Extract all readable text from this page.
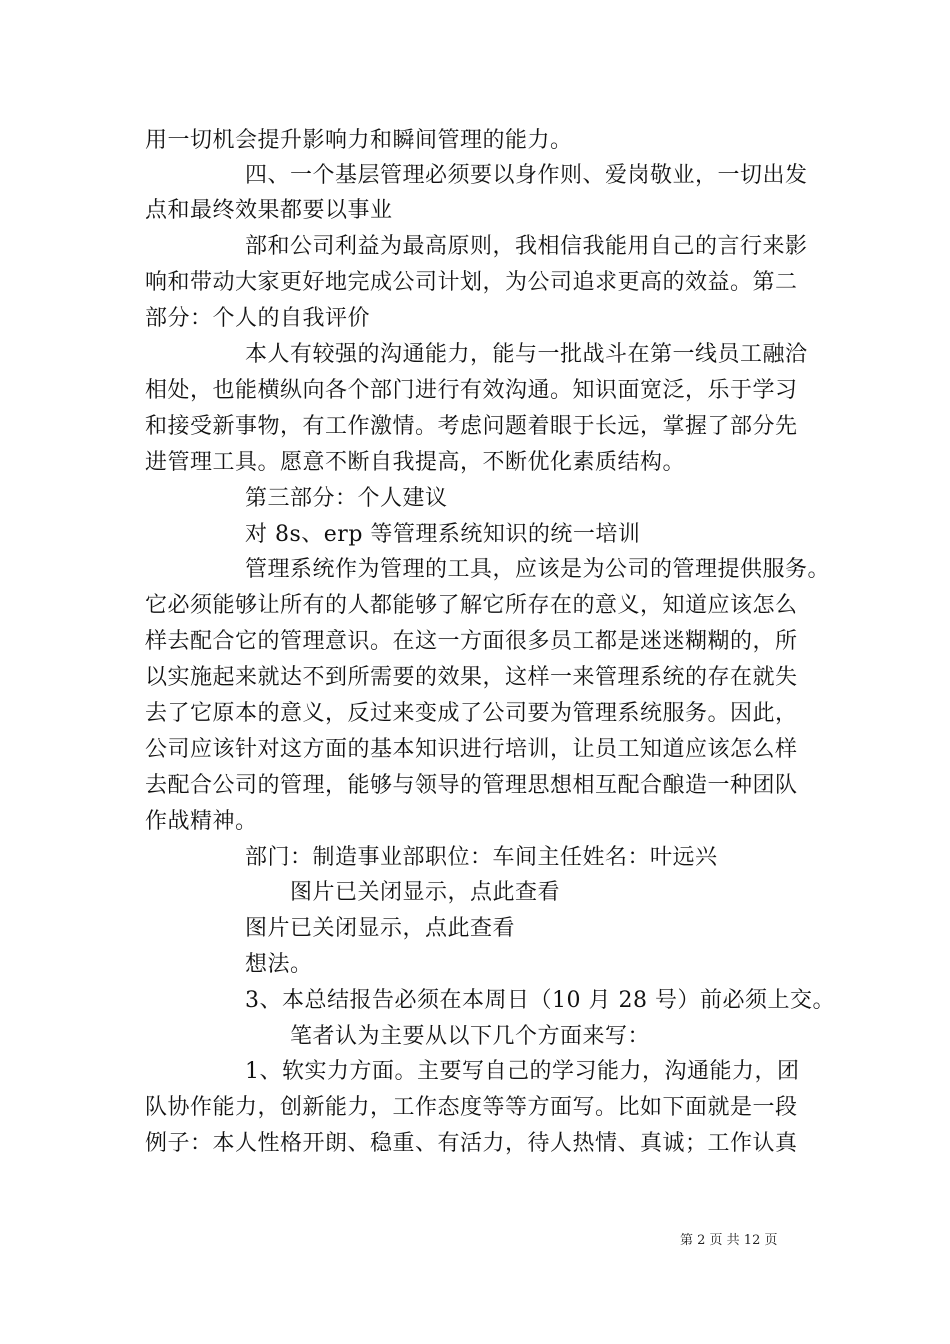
用一切机会提升影响力和瞬间管理的能力。
四、一个基层管理必须要以身作则、爱岗敬业，一切出发
点和最终效果都要以事业
部和公司利益为最高原则，我相信我能用自己的言行来影
响和带动大家更好地完成公司计划，为公司追求更高的效益。第二
部分：个人的自我评价
本人有较强的沟通能力，能与一批战斗在第一线员工融洽
相处，也能横纵向各个部门进行有效沟通。知识面宽泛，乐于学习
和接受新事物，有工作激情。考虑问题着眼于长远，掌握了部分先
进管理工具。愿意不断自我提高，不断优化素质结构。
第三部分：个人建议
对 8s、erp 等管理系统知识的统一培训
管理系统作为管理的工具，应该是为公司的管理提供服务。
它必须能够让所有的人都能够了解它所存在的意义，知道应该怎么
样去配合它的管理意识。在这一方面很多员工都是迷迷糊糊的，所
以实施起来就达不到所需要的效果，这样一来管理系统的存在就失
去了它原本的意义，反过来变成了公司要为管理系统服务。因此，
公司应该针对这方面的基本知识进行培训，让员工知道应该怎么样
去配合公司的管理，能够与领导的管理思想相互配合酿造一种团队
作战精神。
部门：制造事业部职位：车间主任姓名：叶远兴
图片已关闭显示，点此查看
图片已关闭显示，点此查看
想法。
3、本总结报告必须在本周日（10 月 28 号）前必须上交。
笔者认为主要从以下几个方面来写：
1、软实力方面。主要写自己的学习能力，沟通能力，团
队协作能力，创新能力，工作态度等等方面写。比如下面就是一段
例子：本人性格开朗、稳重、有活力，待人热情、真诚；工作认真
第 2 页 共 12 页
